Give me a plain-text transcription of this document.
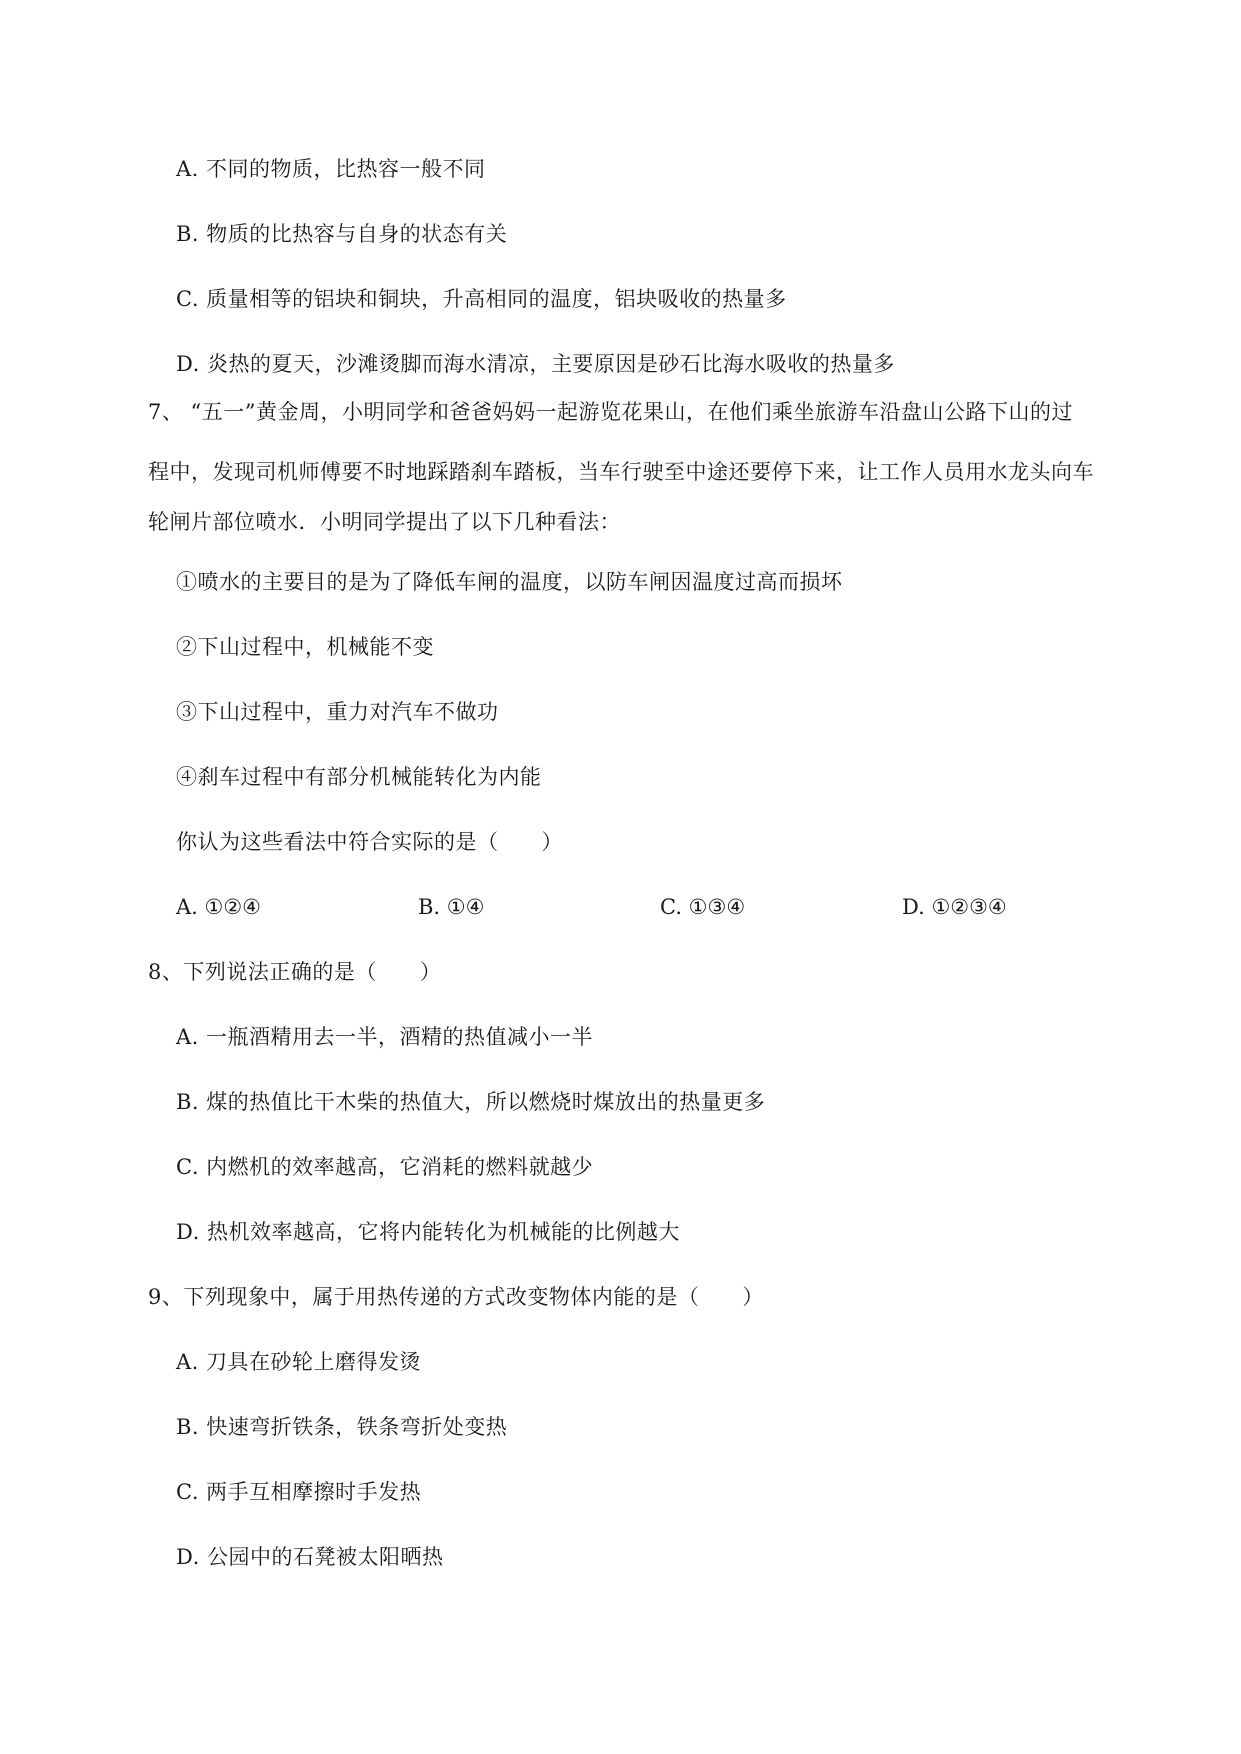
A. 不同的物质，比热容一般不同
B. 物质的比热容与自身的状态有关
C. 质量相等的铝块和铜块，升高相同的温度，铝块吸收的热量多
D. 炎热的夏天，沙滩烫脚而海水清凉，主要原因是砂石比海水吸收的热量多
7、 “五一”黄金周，小明同学和爸爸妈妈一起游览花果山，在他们乘坐旅游车沿盘山公路下山的过
程中，发现司机师傅要不时地踩踏刹车踏板，当车行驶至中途还要停下来，让工作人员用水龙头向车
轮闸片部位喷水．小明同学提出了以下几种看法：
①喷水的主要目的是为了降低车闸的温度，以防车闸因温度过高而损坏
②下山过程中，机械能不变
③下山过程中，重力对汽车不做功
④刹车过程中有部分机械能转化为内能
你认为这些看法中符合实际的是（　　）
A. ①②④	B. ①④	C. ①③④	D. ①②③④
8、下列说法正确的是（　　）
A. 一瓶酒精用去一半，酒精的热值减小一半
B. 煤的热值比干木柴的热值大，所以燃烧时煤放出的热量更多
C. 内燃机的效率越高，它消耗的燃料就越少
D. 热机效率越高，它将内能转化为机械能的比例越大
9、下列现象中，属于用热传递的方式改变物体内能的是（　　）
A. 刀具在砂轮上磨得发烫
B. 快速弯折铁条，铁条弯折处变热
C. 两手互相摩擦时手发热
D. 公园中的石凳被太阳晒热
